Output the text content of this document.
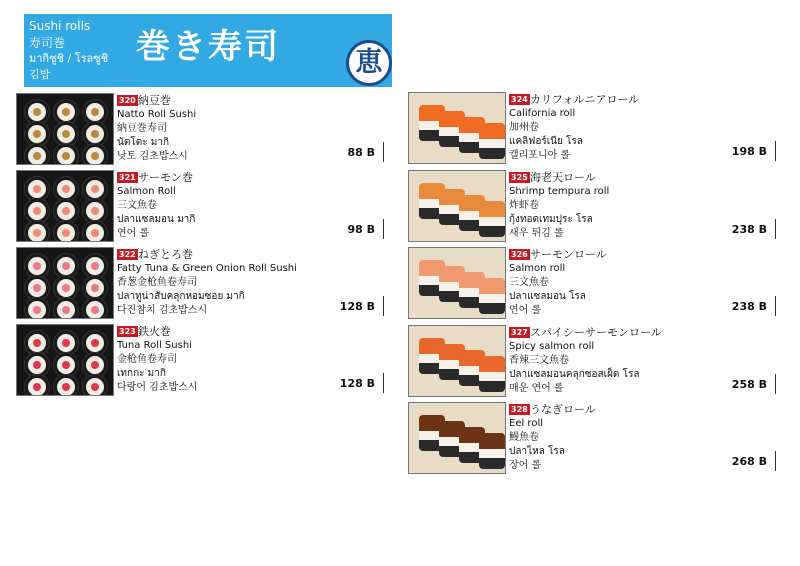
Sushi rolls
寿司巻
มากิซูชิ / โรลซูชิ
김밥
巻き寿司	恵
320 納豆巻
Natto Roll Sushi
納豆巻寿司
นัตโตะ มากิ
낫토 김초밥스시	88 B
321 サーモン巻
Salmon Roll
三文魚卷
ปลาแซลมอน มากิ
연어 롤	98 B
322 ねぎとろ巻
Fatty Tuna & Green Onion Roll Sushi
香葱金枪鱼卷寿司
ปลาทูน่าสับคลุกหอมซอย มากิ
다진참치 김초밥스시	128 B
323 鉄火巻
Tuna Roll Sushi
金枪鱼卷寿司
เทกกะ มากิ
다랑어 김초밥스시	128 B
324 カリフォルニアロール
California roll
加州卷
แคลิฟอร์เนีย โรล
캘리포니아 롤	198 B
325 海老天ロール
Shrimp tempura roll
炸虾卷
กุ้งทอดเทมปุระ โรล
새우 튀김 롤	238 B
326 サーモンロール
Salmon roll
三文魚卷
ปลาแซลมอน โรล
연어 롤	238 B
327 スパイシーサーモンロール
Spicy salmon roll
香辣三文魚卷
ปลาแซลมอนคลุกซอสเผ็ด โรล
매운 연어 롤	258 B
328 うなぎロール
Eel roll
鰻魚卷
ปลาไหล โรล
장어 롤	268 B
